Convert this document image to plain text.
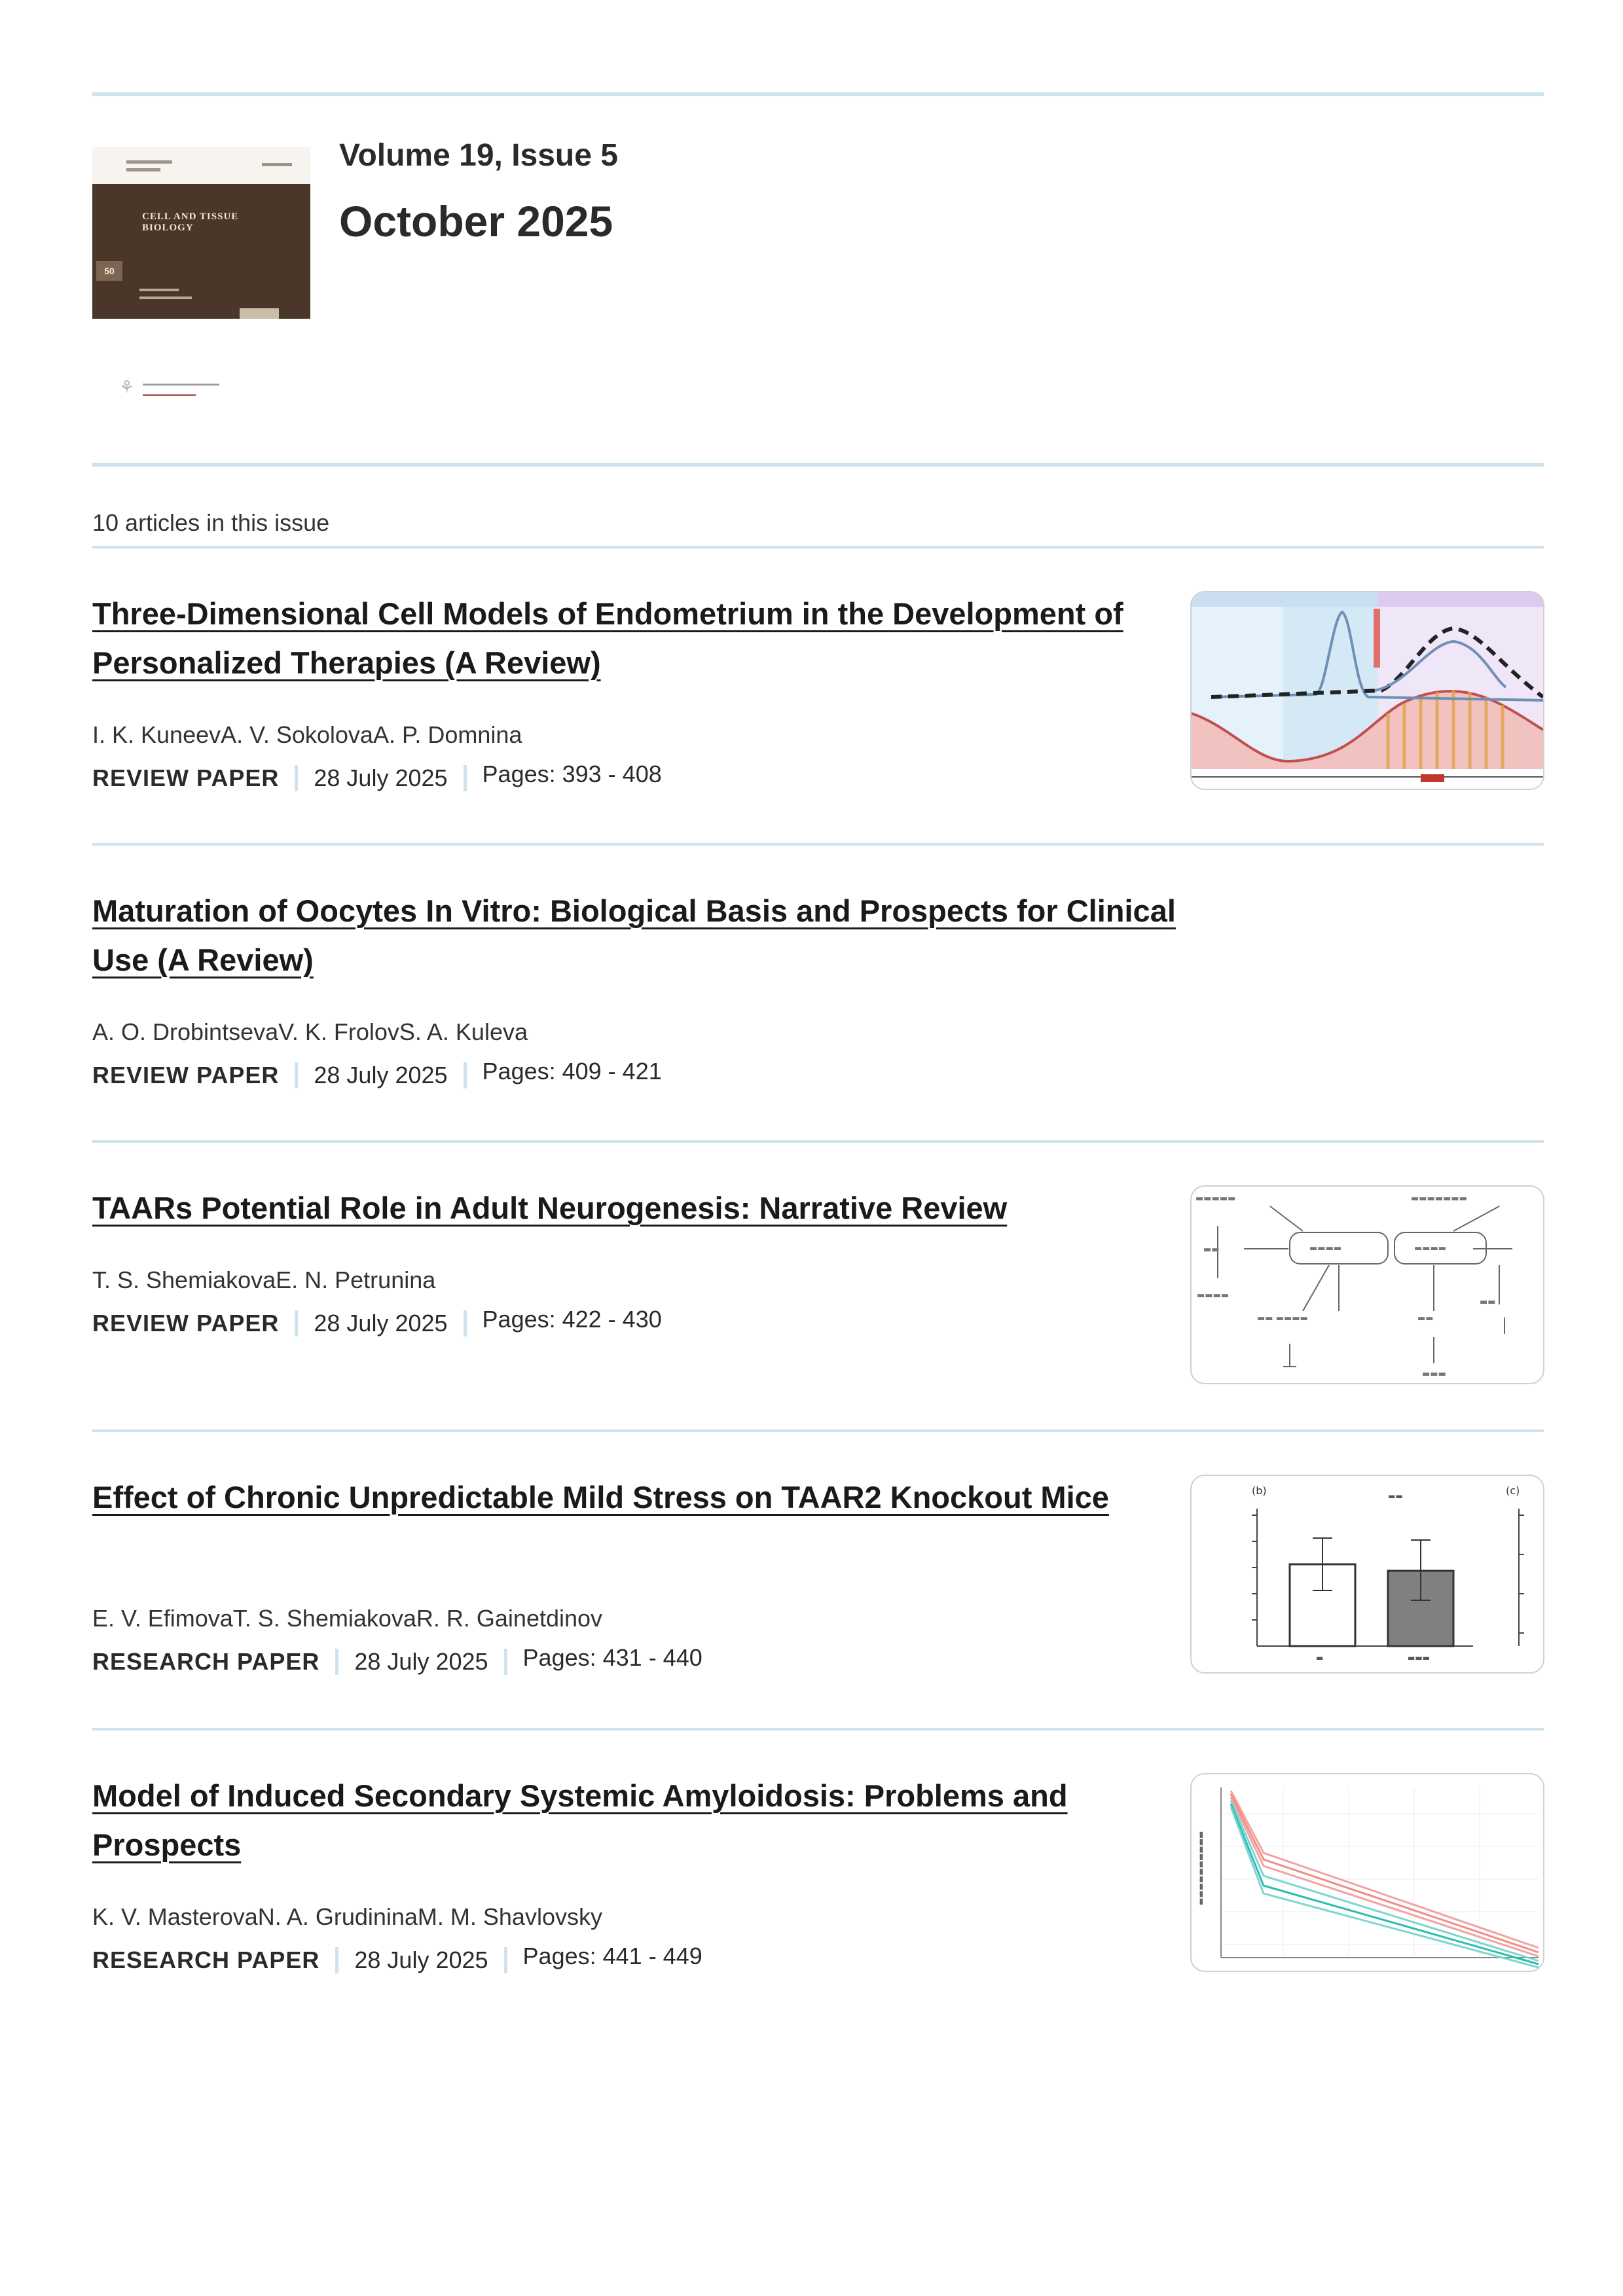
CELL AND TISSUE
BIOLOGY
50
⚘ ▬▬▬▬▬▬▬▬▬▬▬▬▬
▬▬▬▬▬▬▬▬▬
Volume 19, Issue 5
October 2025
10 articles in this issue
Three-Dimensional Cell Models of Endometrium in the Development of Personalized Therapies (A Review)
I. K. KuneevA. V. SokolovaA. P. Domnina
REVIEW PAPER 28 July 2025 Pages: 393 - 408
Maturation of Oocytes In Vitro: Biological Basis and Prospects for Clinical Use (A Review)
A. O. DrobintsevaV. K. FrolovS. A. Kuleva
REVIEW PAPER 28 July 2025 Pages: 409 - 421
TAARs Potential Role in Adult Neurogenesis: Narrative Review
T. S. ShemiakovaE. N. Petrunina
REVIEW PAPER 28 July 2025 Pages: 422 - 430
▬▬▬▬▬	▬▬▬▬▬▬▬
▬▬
▬▬▬▬
▬▬ ▬▬▬▬	▬▬
▬▬
▬▬▬
▬▬▬▬	▬▬▬▬
Effect of Chronic Unpredictable Mild Stress on TAAR2 Knockout Mice
E. V. EfimovaT. S. ShemiakovaR. R. Gainetdinov
RESEARCH PAPER 28 July 2025 Pages: 431 - 440
(b)	(c)
▬	▬▬▬
▬▬
Model of Induced Secondary Systemic Amyloidosis: Problems and Prospects
K. V. MasterovaN. A. GrudininaM. M. Shavlovsky
RESEARCH PAPER 28 July 2025 Pages: 441 - 449
▬▬▬▬▬▬▬▬▬▬
